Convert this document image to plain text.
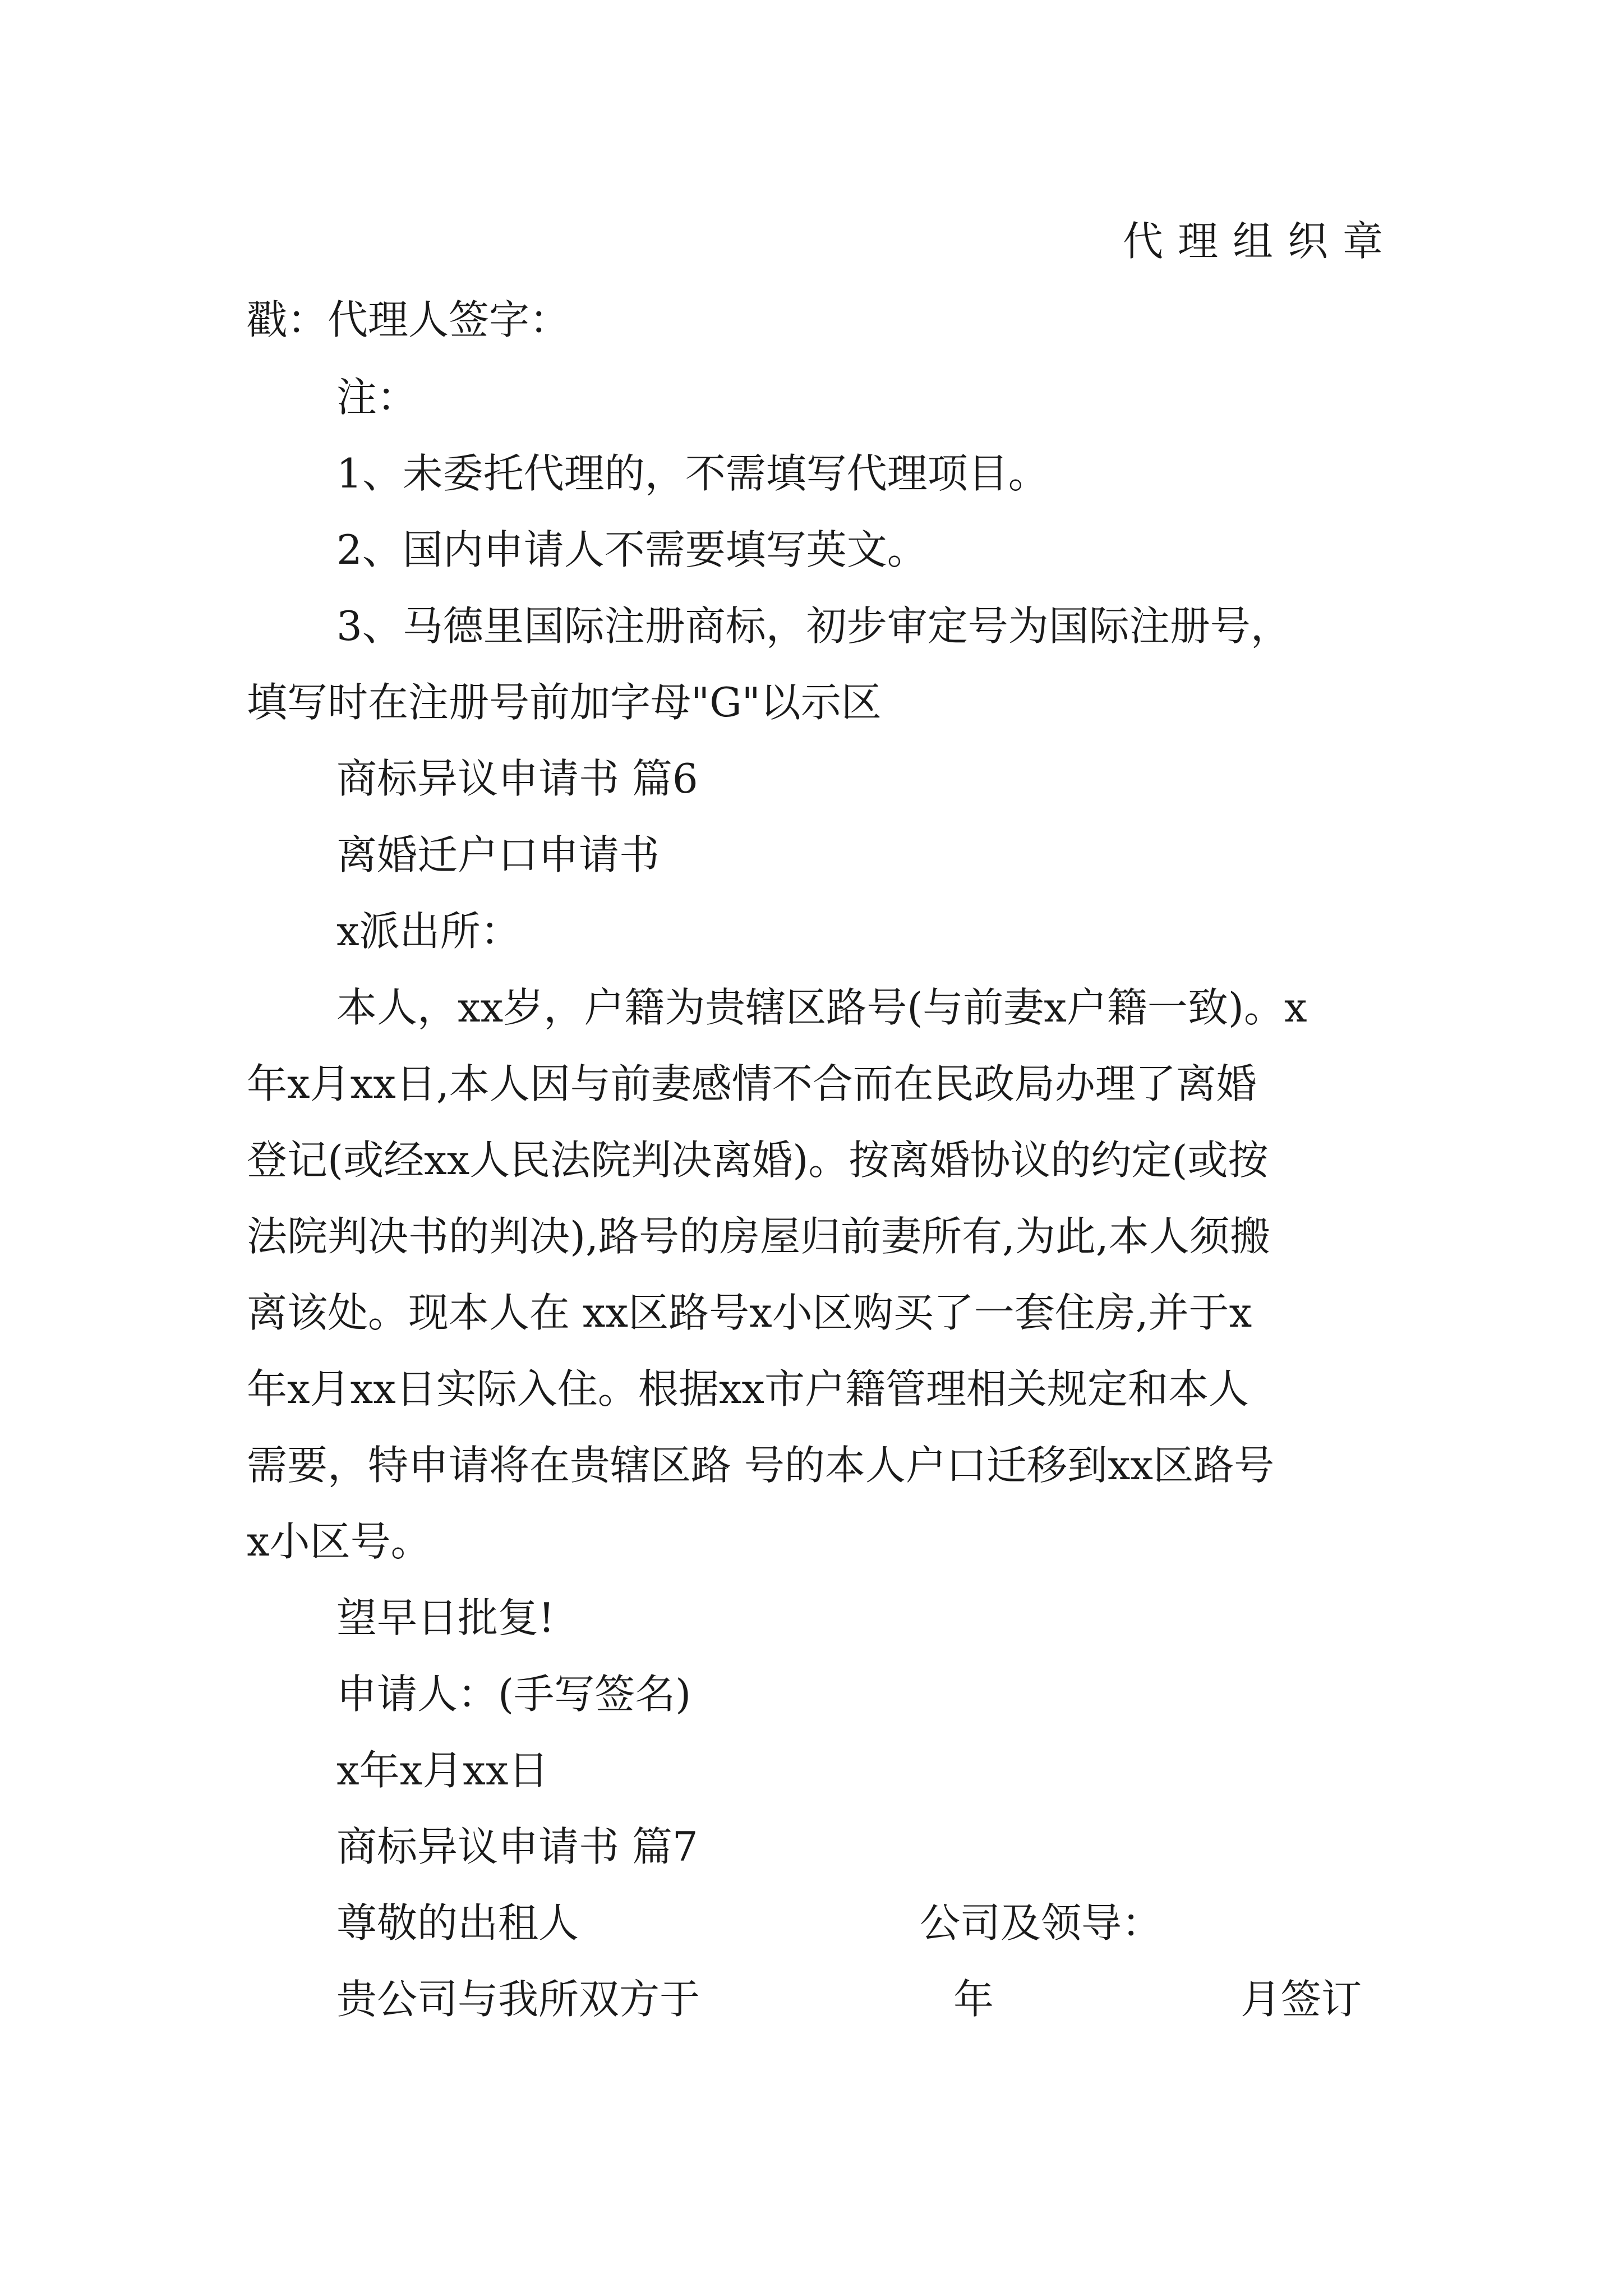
代理组织章

戳：代理人签字：

注：

1、未委托代理的，不需填写代理项目。

2、国内申请人不需要填写英文。

3、马德里国际注册商标，初步审定号为国际注册号，

填写时在注册号前加字母"G"以示区

商标异议申请书 篇6

离婚迁户口申请书

x派出所：

本人，xx岁，户籍为贵辖区路号(与前妻x户籍一致)。x

年x月xx日,本人因与前妻感情不合而在民政局办理了离婚

登记(或经xx人民法院判决离婚)。按离婚协议的约定(或按

法院判决书的判决),路号的房屋归前妻所有,为此,本人须搬

离该处。现本人在 xx区路号x小区购买了一套住房,并于x

年x月xx日实际入住。根据xx市户籍管理相关规定和本人

需要，特申请将在贵辖区路 号的本人户口迁移到xx区路号

x小区号。

望早日批复!

申请人：(手写签名)

x年x月xx日

商标异议申请书 篇7

尊敬的出租人	公司及领导：

贵公司与我所双方于	年	月签订
